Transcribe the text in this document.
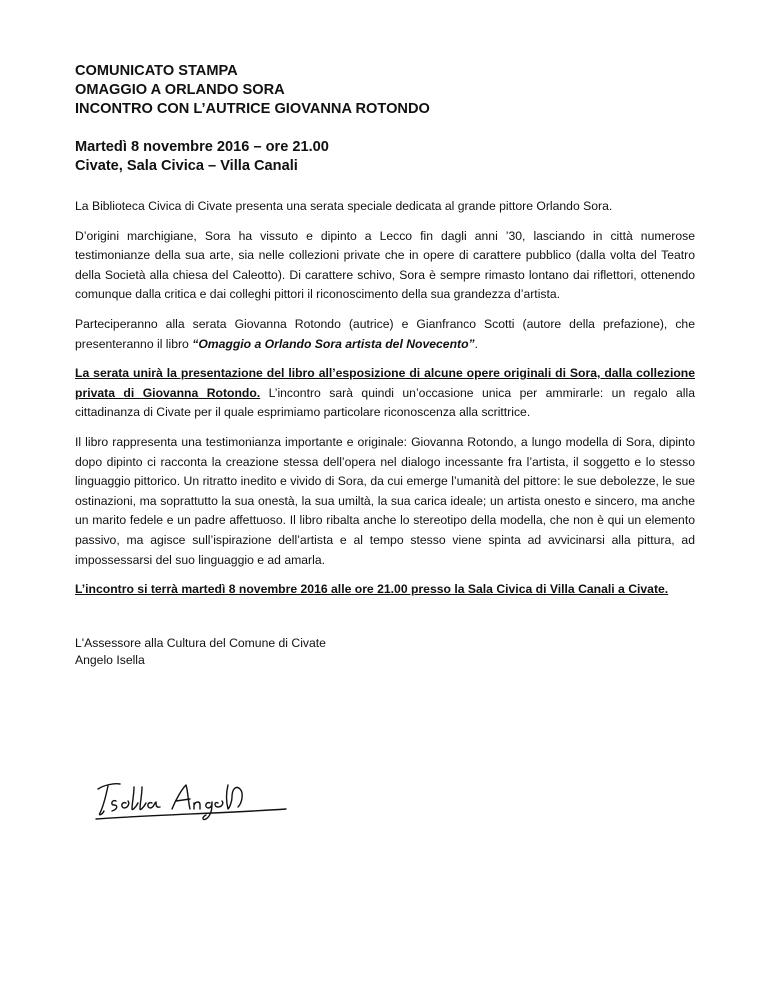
COMUNICATO STAMPA
OMAGGIO A ORLANDO SORA
INCONTRO CON L’AUTRICE GIOVANNA ROTONDO
Martedì 8 novembre 2016 – ore 21.00
Civate, Sala Civica – Villa Canali

La Biblioteca Civica di Civate presenta una serata speciale dedicata al grande pittore Orlando Sora.

D’origini marchigiane, Sora ha vissuto e dipinto a Lecco fin dagli anni ’30, lasciando in città numerose testimonianze della sua arte, sia nelle collezioni private che in opere di carattere pubblico (dalla volta del Teatro della Società alla chiesa del Caleotto). Di carattere schivo, Sora è sempre rimasto lontano dai riflettori, ottenendo comunque dalla critica e dai colleghi pittori il riconoscimento della sua grandezza d’artista.

Parteciperanno alla serata Giovanna Rotondo (autrice) e Gianfranco Scotti (autore della prefazione), che presenteranno il libro “Omaggio a Orlando Sora artista del Novecento”.

La serata unirà la presentazione del libro all’esposizione di alcune opere originali di Sora, dalla collezione privata di Giovanna Rotondo. L’incontro sarà quindi un’occasione unica per ammirarle: un regalo alla cittadinanza di Civate per il quale esprimiamo particolare riconoscenza alla scrittrice.

Il libro rappresenta una testimonianza importante e originale: Giovanna Rotondo, a lungo modella di Sora, dipinto dopo dipinto ci racconta la creazione stessa dell’opera nel dialogo incessante fra l’artista, il soggetto e lo stesso linguaggio pittorico. Un ritratto inedito e vivido di Sora, da cui emerge l’umanità del pittore: le sue debolezze, le sue ostinazioni, ma soprattutto la sua onestà, la sua umiltà, la sua carica ideale; un artista onesto e sincero, ma anche un marito fedele e un padre affettuoso. Il libro ribalta anche lo stereotipo della modella, che non è qui un elemento passivo, ma agisce sull’ispirazione dell’artista e al tempo stesso viene spinta ad avvicinarsi alla pittura, ad impossessarsi del suo linguaggio e ad amarla.

L’incontro si terrà martedì 8 novembre 2016 alle ore 21.00 presso la Sala Civica di Villa Canali a Civate.

L'Assessore alla Cultura del Comune di Civate
Angelo Isella
